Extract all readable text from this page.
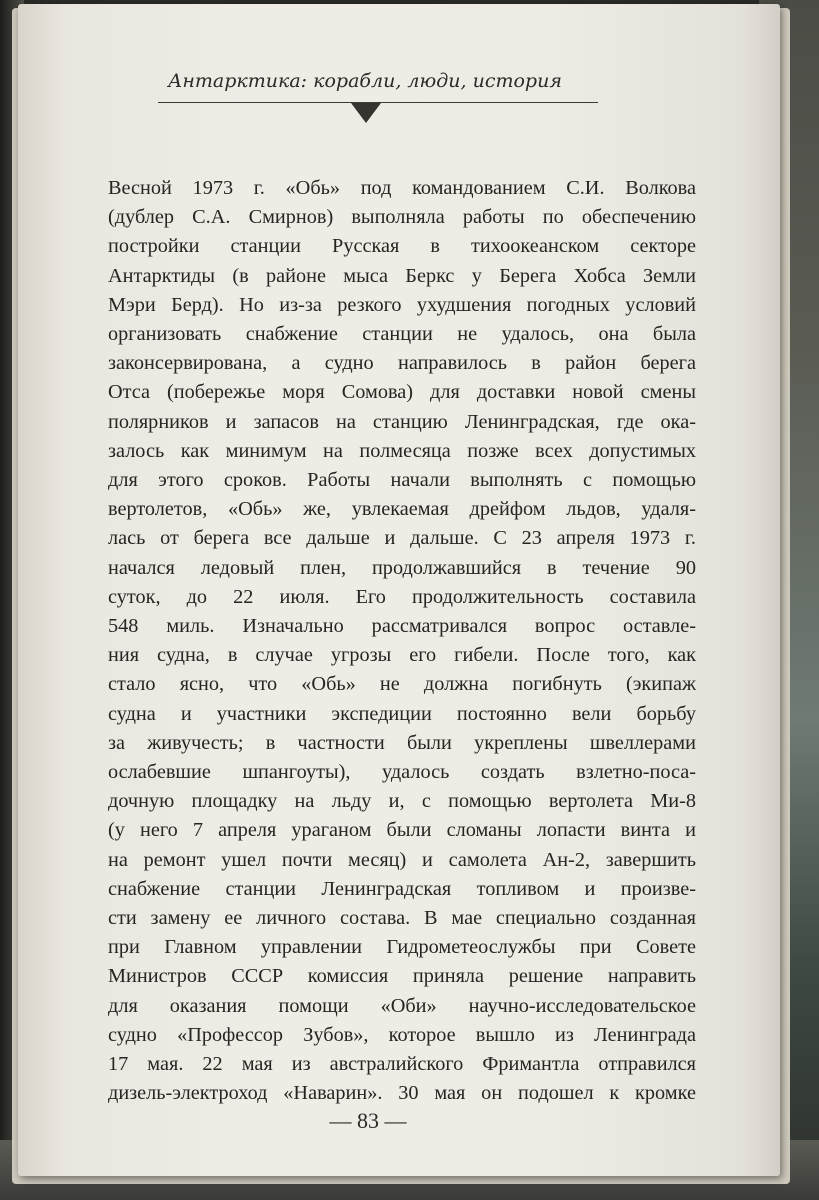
Антарктика: корабли, люди, история
Весной 1973 г. «Обь» под командованием С.И. Волкова
(дублер С.А. Смирнов) выполняла работы по обеспечению
постройки станции Русская в тихоокеанском секторе
Антарктиды (в районе мыса Беркс у Берега Хобса Земли
Мэри Берд). Но из-за резкого ухудшения погодных условий
организовать снабжение станции не удалось, она была
законсервирована, а судно направилось в район берега
Отса (побережье моря Сомова) для доставки новой смены
полярников и запасов на станцию Ленинградская, где ока-
залось как минимум на полмесяца позже всех допустимых
для этого сроков. Работы начали выполнять с помощью
вертолетов, «Обь» же, увлекаемая дрейфом льдов, удаля-
лась от берега все дальше и дальше. С 23 апреля 1973 г.
начался ледовый плен, продолжавшийся в течение 90
суток, до 22 июля. Его продолжительность составила
548 миль. Изначально рассматривался вопрос оставле-
ния судна, в случае угрозы его гибели. После того, как
стало ясно, что «Обь» не должна погибнуть (экипаж
судна и участники экспедиции постоянно вели борьбу
за живучесть; в частности были укреплены швеллерами
ослабевшие шпангоуты), удалось создать взлетно-поса-
дочную площадку на льду и, с помощью вертолета Ми-8
(у него 7 апреля ураганом были сломаны лопасти винта и
на ремонт ушел почти месяц) и самолета Ан-2, завершить
снабжение станции Ленинградская топливом и произве-
сти замену ее личного состава. В мае специально созданная
при Главном управлении Гидрометеослужбы при Совете
Министров СССР комиссия приняла решение направить
для оказания помощи «Оби» научно-исследовательское
судно «Профессор Зубов», которое вышло из Ленинграда
17 мая. 22 мая из австралийского Фримантла отправился
дизель-электроход «Наварин». 30 мая он подошел к кромке
— 83 —
